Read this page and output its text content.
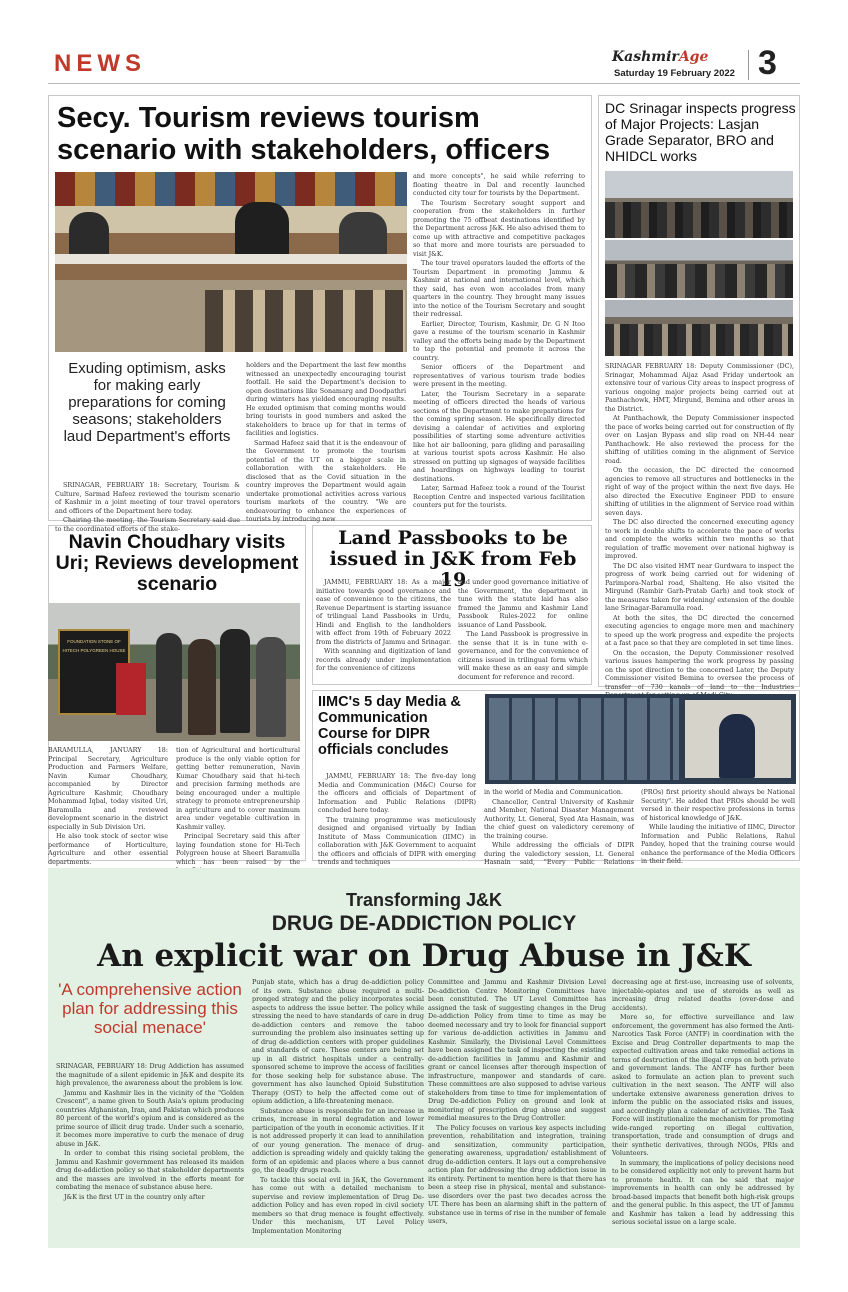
NEWS	KashmirAge
Saturday 19 February 2022 3
Secy. Tourism reviews tourism
scenario with stakeholders, officers
Exuding optimism, asks for making early preparations for coming seasons; stakeholders laud Department's efforts

SRINAGAR, FEBRUARY 18: Secretary, Tourism & Culture, Sarmad Hafeez reviewed the tourism scenario of Kashmir in a joint meeting of tour travel operators and officers of the Department here today.

Chairing the meeting, the Tourism Secretary said due to the coordinated efforts of the stake-

holders and the Department the last few months witnessed an unexpectedly encouraging tourist footfall. He said the Department's decision to open destinations like Sonamarg and Doodpathri during winters has yielded encouraging results. He exuded optimism that coming months would bring tourists in good numbers and asked the stakeholders to brace up for that in terms of facilities and logistics.

Sarmad Hafeez said that it is the endeavour of the Government to promote the tourism potential of the UT on a bigger scale in collaboration with the stakeholders. He disclosed that as the Covid situation in the country improves the Department would again undertake promotional activities across various tourism markets of the country. "We are endeavouring to enhance the experiences of tourists by introducing new

and more concepts", he said while referring to floating theatre in Dal and recently launched conducted city tour for tourists by the Department.

The Tourism Secretary sought support and cooperation from the stakeholders in further promoting the 75 offbeat destinations identified by the Department across J&K. He also advised them to come up with attractive and competitive packages so that more and more tourists are persuaded to visit J&K.

The tour travel operators lauded the efforts of the Tourism Department in promoting Jammu & Kashmir at national and international level, which they said, has even won accolades from many quarters in the country. They brought many issues into the notice of the Tourism Secretary and sought their redressal.

Earlier, Director, Tourism, Kashmir, Dr. G N Itoo gave a resume of the tourism scenario in Kashmir valley and the efforts being made by the Department to tap the potential and promote it across the country.

Senior officers of the Department and representatives of various tourism trade bodies were present in the meeting.

Later, the Tourism Secretary in a separate meeting of officers directed the heads of various sections of the Department to make preparations for the coming spring season. He specifically directed devising a calendar of activities and exploring possibilities of starting some adventure activities like hot air ballooning, para gliding and parasailing at various tourist spots across Kashmir. He also stressed on putting up signages of wayside facilities and hoardings on highways leading to tourist destinations.

Later, Sarmad Hafeez took a round of the Tourist Reception Centre and inspected various facilitation counters put for the tourists.

DC Srinagar inspects progress of Major Projects: Lasjan Grade Separator, BRO and NHIDCL works

SRINAGAR FEBRUARY 18: Deputy Commissioner (DC), Srinagar, Mohammad Aijaz Asad Friday undertook an extensive tour of various City areas to inspect progress of various ongoing major projects being carried out at Panthachowk, HMT, Mirgund, Bemina and other areas in the District.

At Panthachowk, the Deputy Commissioner inspected the pace of works being carried out for construction of fly over on Lasjan Bypass and slip road on NH-44 near Panthachowk. He also reviewed the process for the shifting of utilities coming in the alignment of Service road.

On the occasion, the DC directed the concerned agencies to remove all structures and bottlenecks in the right of way of the project within the next five days. He also directed the Executive Engineer PDD to ensure shifting of utilities in the alignment of Service road within seven days.

The DC also directed the concerned executing agency to work in double shifts to accelerate the pace of works and complete the works within two months so that regulation of traffic movement over national highway is improved.

The DC also visited HMT near Gurdwara to inspect the progress of work being carried out for widening of Parimpora-Narbal road, Shalteng. He also visited the Mirgund (Rambir Garh-Pratab Garh) and took stock of the measures taken for widening/ extension of the double lane Srinagar-Baramulla road.

At both the sites, the DC directed the concerned executing agencies to engage more men and machinery to speed up the work progress and expedite the projects at a fast pace so that they are completed in set time lines.

On the occasion, the Deputy Commissioner resolved various issues hampering the work progress by passing on the spot direction to the concerned Later, the Deputy Commissioner visited Bemina to oversee the process of transfer of 730 kanals of land to the Industries

Navin Choudhary visits Uri; Reviews development scenario
FOUNDATION STONE OF
HITECH POLYGREEN HOUSE

BARAMULLA, JANUARY 18: Principal Secretary, Agriculture Production and Farmers Welfare, Navin Kumar Choudhary, accompanied by Director Agriculture Kashmir, Choudhary Mohammad Iqbal, today visited Uri, Baramulla and reviewed development scenario in the district especially in Sub Division Uri.

He also took stock of sector wise performance of Horticulture, Agriculture and other essential departments.

tion of Agricultural and horticultural produce is the only viable option for getting better remuneration, Navin Kumar Choudhary said that hi-tech and precision farming methods are being encouraged under a multiple strategy to promote entrepreneurship in agriculture and to cover maximum area under vegetable cultivation in Kashmir valley.

Principal Secretary said this after laying foundation stone for Hi-Tech Polygreen house at Sheeri Baramulla which has been raised by the

Land Passbooks to be issued in J&K from Feb 19

JAMMU, FEBRUARY 18: As a major initiative towards good governance and ease of convenience to the citizens, the Revenue Department is starting issuance of trilingual Land Passbooks in Urdu, Hindi and English to the landholders with effect from 19th of February 2022 from the districts of Jammu and Srinagar.

With scanning and digitization of land records already under implementation for the convenience of citizens

and under good governance initiative of the Government, the department in tune with the statute laid has also framed the Jammu and Kashmir Land Passbook Rules-2022 for online issuance of Land Passbook.

The Land Passbook is progressive in the sense that it is in tune with e-governance, and for the convenience of citizens issued in trilingual form which will make these as an easy and simple document for reference and record.

IIMC's 5 day Media & Communication Course for DIPR officials concludes

JAMMU, FEBRUARY 18: The five-day long Media and Communication (M&C) Course for the officers and officials of Department of Information and Public Relations (DIPR) concluded here today.

The training programme was meticulously designed and organised virtually by Indian Institute of Mass Communication (IIMC) in collaboration with J&K Government to acquaint the officers and officials of DIPR with emerging trends and techniques

in the world of Media and Communication.

Chancellor, Central University of Kashmir and Member, National Disaster Management Authority, Lt. General, Syed Ata Hasnain, was the chief guest on valedictory ceremony of the training course.

While addressing the officials of DIPR during the valedictory session, Lt. General Hasnain said, "Every Public Relations

(PROs) first priority should always be National Security". He added that PROs should be well versed in their respective professions in terms of historical knowledge of J&K.

While lauding the initiative of IIMC, Director Information and Public Relations, Rahul Pandey, hoped that the training course would enhance the performance of the Media Officers in their field.

Transforming J&K
DRUG DE-ADDICTION POLICY
An explicit war on Drug Abuse in J&K
'A comprehensive action plan for addressing this social menace'

SRINAGAR, FEBRUARY 18: Drug Addiction has assumed the magnitude of a silent epidemic in J&K and despite its high prevalence, the awareness about the problem is low.

Jammu and Kashmir lies in the vicinity of the "Golden Crescent", a name given to South Asia's opium producing countries Afghanistan, Iran, and Pakistan which produces 80 percent of the world's opium and is considered as the prime source of illicit drug trade. Under such a scenario, it becomes more imperative to curb the menace of drug abuse in J&K.

In order to combat this rising societal problem, the Jammu and Kashmir government has released its maiden drug de-addiction policy so that stakeholder departments and the masses are involved in the efforts meant for combating the menace of substance abuse here.

J&K is the first UT in the country only after

Punjab state, which has a drug de-addiction policy of its own. Substance abuse required a multi-pronged strategy and the policy incorporates social aspects to address the issue better. The policy while stressing the need to have standards of care in drug de-addiction centers and remove the taboo surrounding the problem also insinuates setting up of drug de-addiction centers with proper guidelines and standards of care. These centers are being set up in all district hospitals under a centrally-sponsored scheme to improve the access of facilities for those seeking help for substance abuse. The government has also launched Opioid Substitution Therapy (OST) to help the affected come out of opium addiction, a life-threatening menace.

Substance abuse is responsible for an increase in crimes, increase in moral degradation and lower participation of the youth in economic activities. If it is not addressed properly it can lead to annihilation of our young generation. The menace of drug-addiction is spreading widely and quickly taking the form of an epidemic and places where a bus cannot go, the deadly drugs reach.

To tackle this social evil in J&K, the Government has come out with a detailed mechanism to supervise and review implementation of Drug De-addiction Policy and has even roped in civil society members so that drug menace is fought effectively. Under this mechanism, UT Level Policy Implementation Monitoring

Committee and Jammu and Kashmir Division Level De-addiction Centre Monitoring Committees have been constituted. The UT Level Committee has assigned the task of suggesting changes in the Drug De-addiction Policy from time to time as may be deemed necessary and try to look for financial support for various de-addiction activities in Jammu and Kashmir. Similarly, the Divisional Level Committees have been assigned the task of inspecting the existing de-addiction facilities in Jammu and Kashmir and grant or cancel licenses after thorough inspection of infrastructure, manpower and standards of care. These committees are also supposed to advise various stakeholders from time to time for implementation of Drug De-addiction Policy on ground and look at monitoring of prescription drug abuse and suggest remedial measures to the Drug Controller.

The Policy focuses on various key aspects including prevention, rehabilitation and integration, training and sensitization, community participation, generating awareness, upgradation/ establishment of drug de-addiction centers. It lays out a comprehensive action plan for addressing the drug addiction issue in its entirety. Pertinent to mention here is that there has been a steep rise in physical, mental and substance-use disorders over the past two decades across the UT. There has been an alarming shift in the pattern of substance use in terms of rise in the number of female users,

decreasing age at first-use, increasing use of solvents, injectable-opiates and use of steroids as well as increasing drug related deaths (over-dose and accidents).

More so, for effective surveillance and law enforcement, the government has also formed the Anti-Narcotics Task Force (ANTF) in coordination with the Excise and Drug Controller departments to map the expected cultivation areas and take remedial actions in terms of destruction of the illegal crops on both private and government lands. The ANTF has further been asked to formulate an action plan to prevent such cultivation in the next season. The ANTF will also undertake extensive awareness generation drives to inform the public on the associated risks and issues, and accordingly plan a calendar of activities. The Task Force will institutionalize the mechanism for promoting wide-ranged reporting on illegal cultivation, transportation, trade and consumption of drugs and their synthetic derivatives, through NGOs, PRIs and Volunteers.

In summary, the implications of policy decisions need to be considered explicitly not only to prevent harm but to promote health. It can be said that major improvements in health can only be addressed by broad-based impacts that benefit both high-risk groups and the general public. In this aspect, the UT of Jammu and Kashmir has taken a lead by addressing this serious societal issue on a large scale.
